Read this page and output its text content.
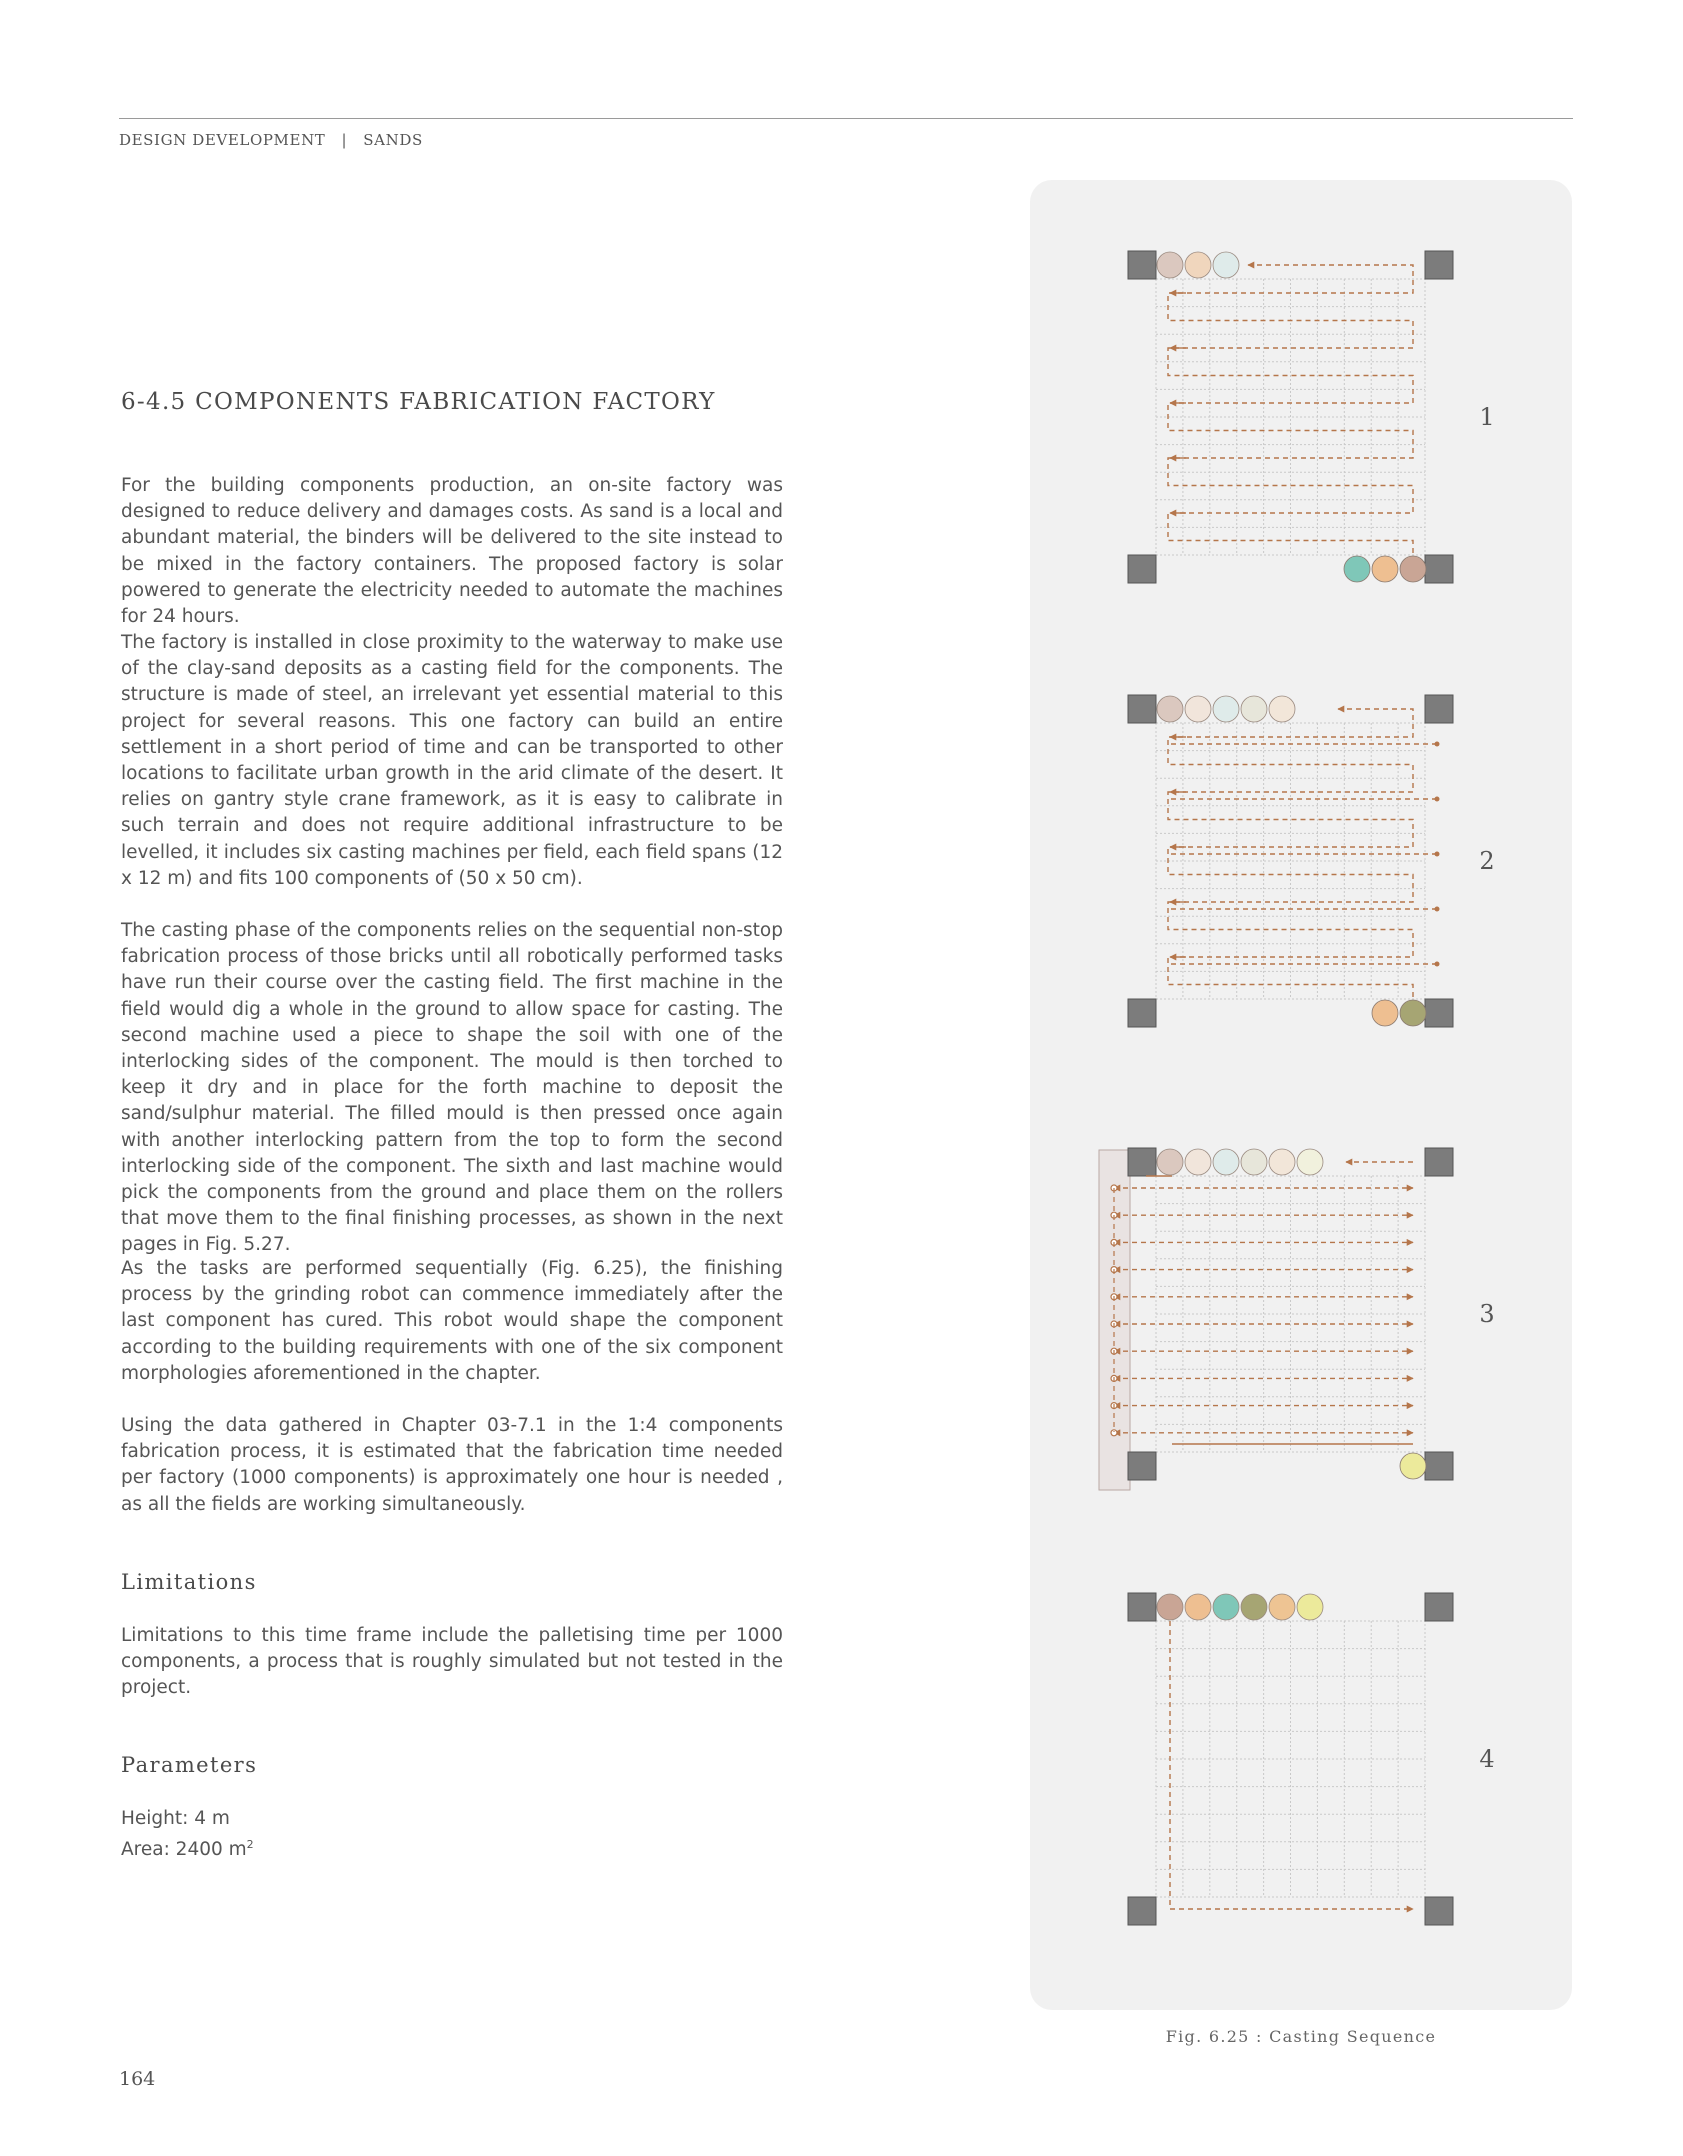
DESIGN DEVELOPMENT | SANDS
6-4.5 COMPONENTS FABRICATION FACTORY

For the building components production, an on-site factory was designed to reduce delivery and damages costs. As sand is a local and abundant material, the binders will be delivered to the site instead to be mixed in the factory containers. The proposed factory is solar powered to generate the electricity needed to automate the machines for 24 hours.

The factory is installed in close proximity to the waterway to make use of the clay-sand deposits as a casting field for the components. The structure is made of steel, an irrelevant yet essential material to this project for several reasons. This one factory can build an entire settlement in a short period of time and can be transported to other locations to facilitate urban growth in the arid climate of the desert. It relies on gantry style crane framework, as it is easy to calibrate in such terrain and does not require additional infrastructure to be levelled, it includes six casting machines per field, each field spans (12 x 12 m) and fits 100 components of (50 x 50 cm).

The casting phase of the components relies on the sequential non-stop fabrication process of those bricks until all robotically performed tasks have run their course over the casting field. The first machine in the field would dig a whole in the ground to allow space for casting. The second machine used a piece to shape the soil with one of the interlocking sides of the component. The mould is then torched to keep it dry and in place for the forth machine to deposit the sand/sulphur material. The filled mould is then pressed once again with another interlocking pattern from the top to form the second interlocking side of the component. The sixth and last machine would pick the components from the ground and place them on the rollers that move them to the final finishing processes, as shown in the next pages in Fig. 5.27.

As the tasks are performed sequentially (Fig. 6.25), the finishing process by the grinding robot can commence immediately after the last component has cured. This robot would shape the component according to the building requirements with one of the six component morphologies aforementioned in the chapter.

Using the data gathered in Chapter 03-7.1 in the 1:4 components fabrication process, it is estimated that the fabrication time needed per factory (1000 components) is approximately one hour is needed , as all the fields are working simultaneously.

Limitations

Limitations to this time frame include the palletising time per 1000 components, a process that is roughly simulated but not tested in the project.

Parameters
Height: 4 m
Area: 2400 $m^2$
164
1
2
3
4
Fig. 6.25 : Casting Sequence
